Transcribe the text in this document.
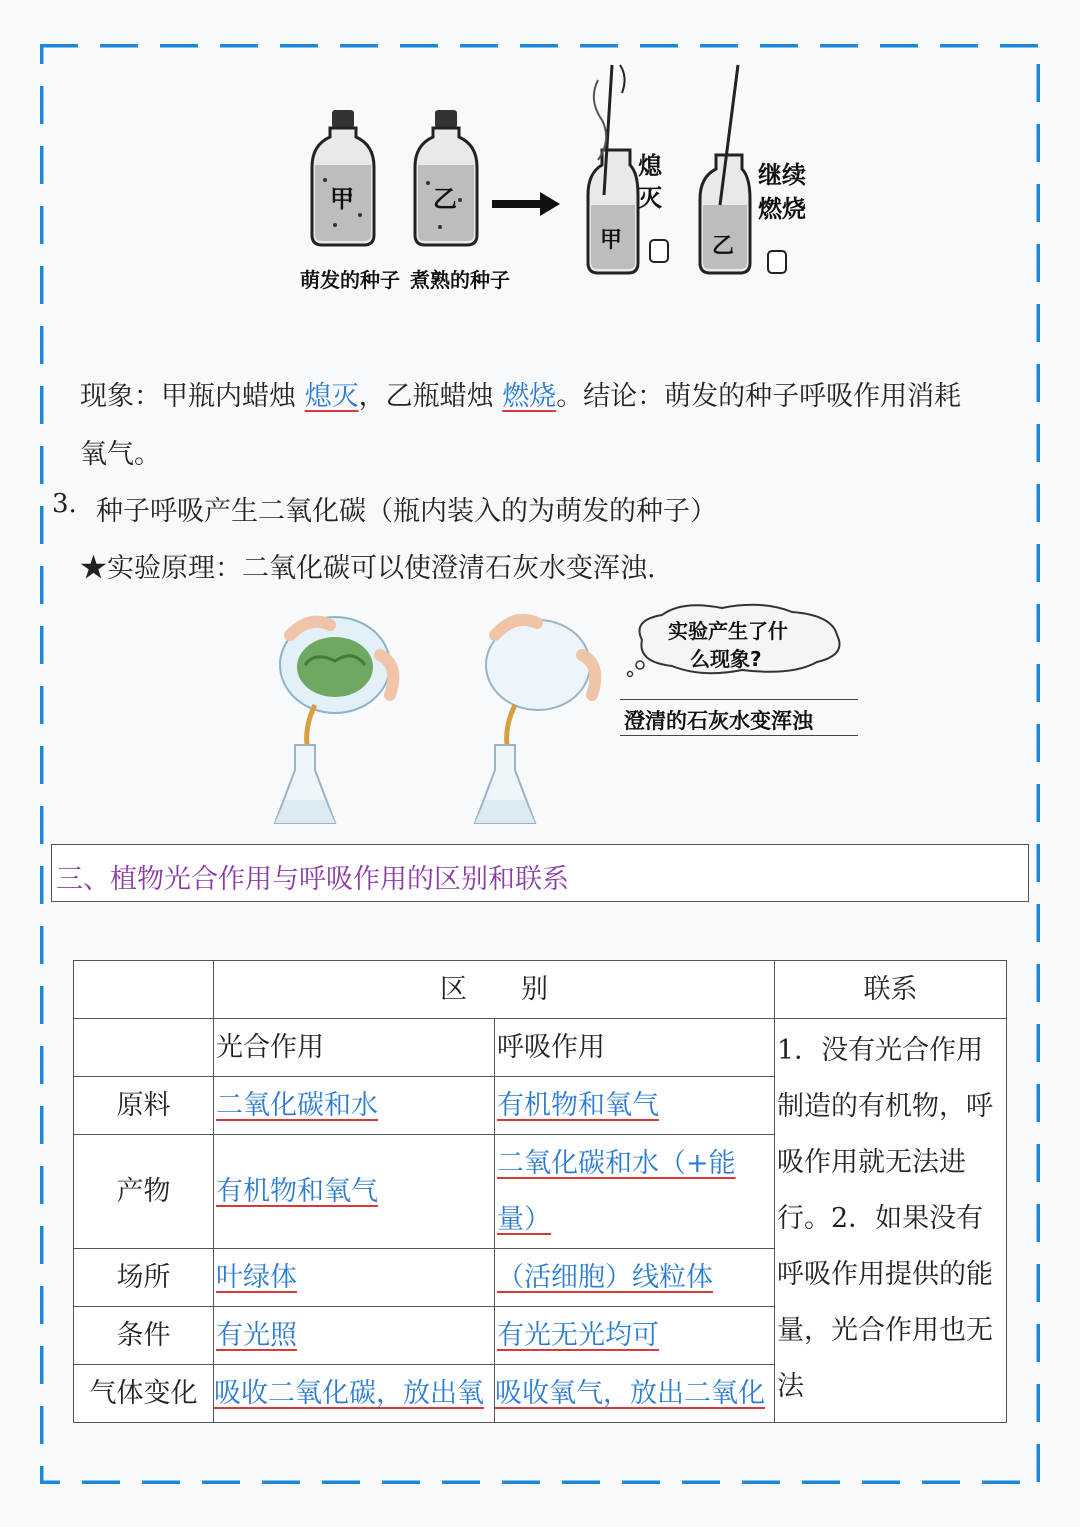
甲	乙
甲	乙
萌发的种子 煮熟的种子
熄灭
继续燃烧
现象：甲瓶内蜡烛 熄灭，乙瓶蜡烛 燃烧。结论：萌发的种子呼吸作用消耗
氧气。
3. 种子呼吸产生二氧化碳（瓶内装入的为萌发的种子）
★实验原理：二氧化碳可以使澄清石灰水变浑浊.
实验产生了什
么现象?
澄清的石灰水变浑浊
三、植物光合作用与呼吸作用的区别和联系
	区　　别		联系
	光合作用	呼吸作用	1．没有光合作用制造的有机物，呼吸作用就无法进行。2．如果没有呼吸作用提供的能量，光合作用也无法
原料	二氧化碳和水	有机物和氧气	
产物	有机物和氧气	二氧化碳和水（+能量）	
场所	叶绿体	（活细胞）线粒体	
条件	有光照	有光无光均可	
气体变化	吸收二氧化碳，放出氧	吸收氧气，放出二氧化	
